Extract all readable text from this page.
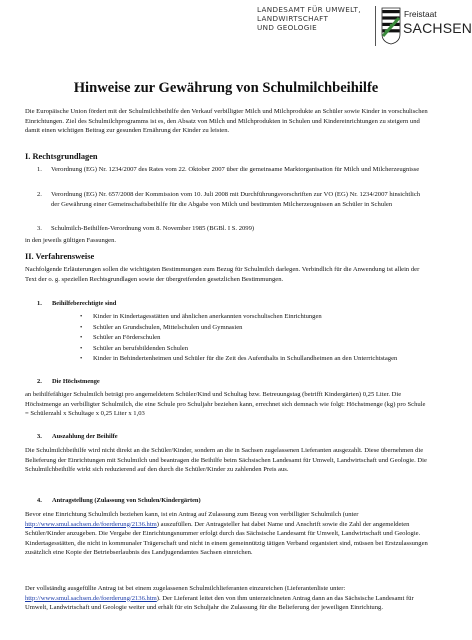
LANDESAMT FÜR UMWELT,
LANDWIRTSCHAFT
UND GEOLOGIE
Freistaat
SACHSEN
Hinweise zur Gewährung von Schulmilchbeihilfe

Die Europäische Union fördert mit der Schulmilchbeihilfe den Verkauf verbilligter Milch und Milchprodukte an Schüler sowie Kinder in vorschulischen Einrichtungen. Ziel des Schulmilchprogramms ist es, den Absatz von Milch und Milchprodukten in Schulen und Kindereinrichtungen zu steigern und damit einen wichtigen Beitrag zur gesunden Ernährung der Kinder zu leisten.

I. Rechtsgrundlagen
1.	Verordnung (EG) Nr. 1234/2007 des Rates vom 22. Oktober 2007 über die gemeinsame Marktorganisation für Milch und Milcherzeugnisse
2.	Verordnung (EG) Nr. 657/2008 der Kommission vom 10. Juli 2008 mit Durchführungsvorschriften zur VO (EG) Nr. 1234/2007 hinsichtlich der Gewährung einer Gemeinschaftsbeihilfe für die Abgabe von Milch und bestimmten Milcherzeugnissen an Schüler in Schulen
3.	Schulmilch-Beihilfen-Verordnung vom 8. November 1985 (BGBl. I S. 2099)

in den jeweils gültigen Fassungen.

II. Verfahrensweise

Nachfolgende Erläuterungen sollen die wichtigsten Bestimmungen zum Bezug für Schulmilch darlegen. Verbindlich für die Anwendung ist allein der Text der o. g. speziellen Rechtsgrundlagen sowie der übergreifenden gesetzlichen Bestimmungen.

1. Beihilfeberechtigte sind
• Kinder in Kindertagesstätten und ähnlichen anerkannten vorschulischen Einrichtungen
• Schüler an Grundschulen, Mittelschulen und Gymnasien
• Schüler an Förderschulen
• Schüler an berufsbildenden Schulen
• Kinder in Behindertenheimen und Schüler für die Zeit des Aufenthalts in Schullandheimen an den Unterrichtstagen
2. Die Höchstmenge

an beihilfefähiger Schulmilch beträgt pro angemeldetem Schüler/Kind und Schultag bzw. Betreuungstag (betrifft Kindergärten) 0,25 Liter. Die Höchstmenge an verbilligter Schulmilch, die eine Schule pro Schuljahr beziehen kann, errechnet sich demnach wie folgt: Höchstmenge (kg) pro Schule = Schülerzahl x Schultage x 0,25 Liter x 1,03

3. Auszahlung der Beihilfe

Die Schulmilchbeihilfe wird nicht direkt an die Schüler/Kinder, sondern an die in Sachsen zugelassenen Lieferanten ausgezahlt. Diese übernehmen die Belieferung der Einrichtungen mit Schulmilch und beantragen die Beihilfe beim Sächsischen Landesamt für Umwelt, Landwirtschaft und Geologie. Die Schulmilchbeihilfe wirkt sich reduzierend auf den durch die Schüler/Kinder zu zahlenden Preis aus.

4. Antragstellung (Zulassung von Schulen/Kindergärten)

Bevor eine Einrichtung Schulmilch beziehen kann, ist ein Antrag auf Zulassung zum Bezug von verbilligter Schulmilch (unter http://www.smul.sachsen.de/foerderung/2136.htm) auszufüllen. Der Antragsteller hat dabei Name und Anschrift sowie die Zahl der angemeldeten Schüler/Kinder anzugeben. Die Vergabe der Einrichtungsnummer erfolgt durch das Sächsische Landesamt für Umwelt, Landwirtschaft und Geologie. Kindertagesstätten, die nicht in kommunaler Trägerschaft und nicht in einem gemeinnützig tätigen Verband organisiert sind, müssen bei Erstzulassungen zusätzlich eine Kopie der Betriebserlaubnis des Landjugendamtes Sachsen einreichen.

Der vollständig ausgefüllte Antrag ist bei einem zugelassenen Schulmilchlieferanten einzureichen (Lieferantenliste unter: http://www.smul.sachsen.de/foerderung/2136.htm). Der Lieferant leitet den von ihm unterzeichneten Antrag dann an das Sächsische Landesamt für Umwelt, Landwirtschaft und Geologie weiter und erhält für ein Schuljahr die Zulassung für die Belieferung der jeweiligen Einrichtung.
